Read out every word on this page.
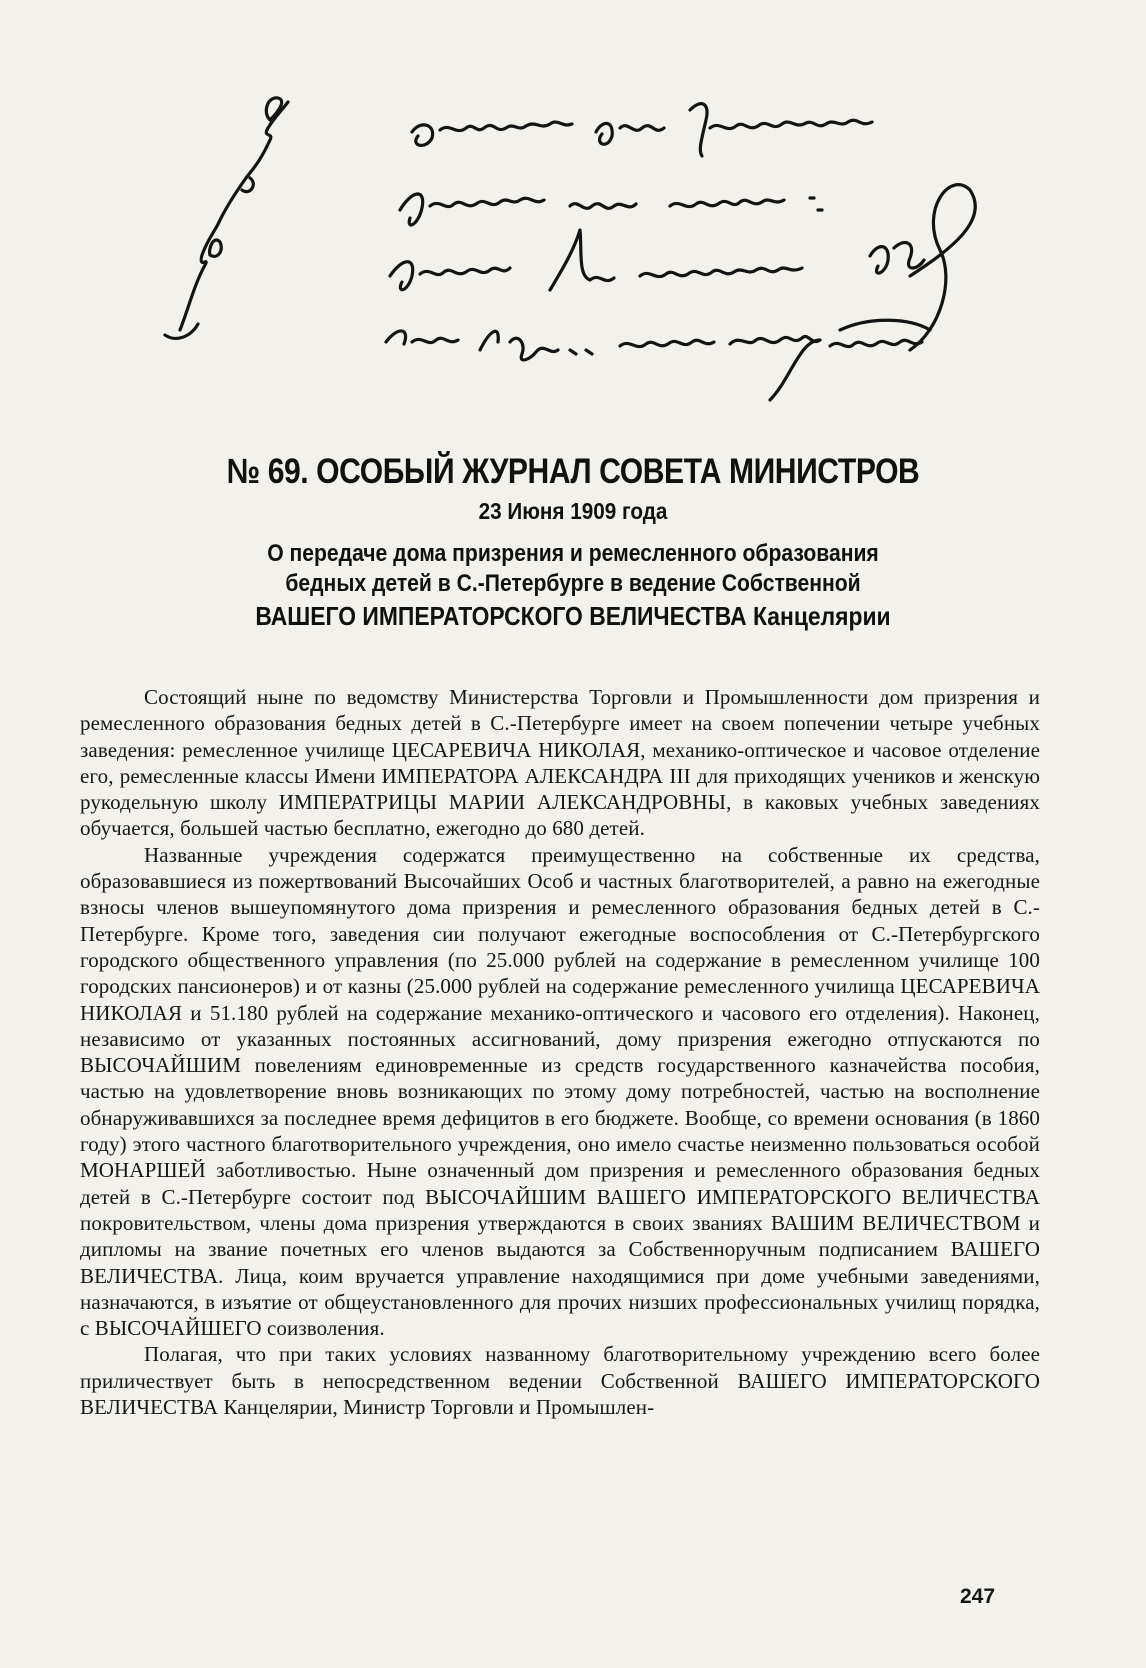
№ 69. ОСОБЫЙ ЖУРНАЛ СОВЕТА МИНИСТРОВ
23 Июня 1909 года
О передаче дома призрения и ремесленного образования
бедных детей в С.-Петербурге в ведение Собственной
ВАШЕГО ИМПЕРАТОРСКОГО ВЕЛИЧЕСТВА Канцелярии

Состоящий ныне по ведомству Министерства Торговли и Промышленности дом призрения и ремесленного образования бедных детей в С.-Петербурге имеет на своем попечении четыре учебных заведения: ремесленное училище ЦЕСАРЕВИЧА НИКОЛАЯ, механико-оптическое и часовое отделение его, ремесленные классы Имени ИМПЕРАТОРА АЛЕКСАНДРА III для приходящих учеников и женскую рукодельную школу ИМПЕРАТРИЦЫ МАРИИ АЛЕКСАНДРОВНЫ, в каковых учебных заведениях обучается, большей частью бесплатно, ежегодно до 680 детей.

Названные учреждения содержатся преимущественно на собственные их средства, образовавшиеся из пожертвований Высочайших Особ и частных благотворителей, а равно на ежегодные взносы членов вышеупомянутого дома призрения и ремесленного образования бедных детей в С.-Петербурге. Кроме того, заведения сии получают ежегодные воспособления от С.-Петербургского городского общественного управления (по 25.000 рублей на содержание в ремесленном училище 100 городских пансионеров) и от казны (25.000 рублей на содержание ремесленного училища ЦЕСАРЕВИЧА НИКОЛАЯ и 51.180 рублей на содержание механико-оптического и часового его отделения). Наконец, независимо от указанных постоянных ассигнований, дому призрения ежегодно отпускаются по ВЫСОЧАЙШИМ повелениям единовременные из средств государственного казначейства пособия, частью на удовлетворение вновь возникающих по этому дому потребностей, частью на восполнение обнаруживавшихся за последнее время дефицитов в его бюджете. Вообще, со времени основания (в 1860 году) этого частного благотворительного учреждения, оно имело счастье неизменно пользоваться особой МОНАРШЕЙ заботливостью. Ныне означенный дом призрения и ремесленного образования бедных детей в С.-Петербурге состоит под ВЫСОЧАЙШИМ ВАШЕГО ИМПЕРАТОРСКОГО ВЕЛИЧЕСТВА покровительством, члены дома призрения утверждаются в своих званиях ВАШИМ ВЕЛИЧЕСТВОМ и дипломы на звание почетных его членов выдаются за Собственноручным подписанием ВАШЕГО ВЕЛИЧЕСТВА. Лица, коим вручается управление находящимися при доме учебными заведениями, назначаются, в изъятие от общеустановленного для прочих низших профессиональных училищ порядка, с ВЫСОЧАЙШЕГО соизволения.

Полагая, что при таких условиях названному благотворительному учреждению всего более приличествует быть в непосредственном ведении Собственной ВАШЕГО ИМПЕРАТОРСКОГО ВЕЛИЧЕСТВА Канцелярии, Министр Торговли и Промышлен-

247
